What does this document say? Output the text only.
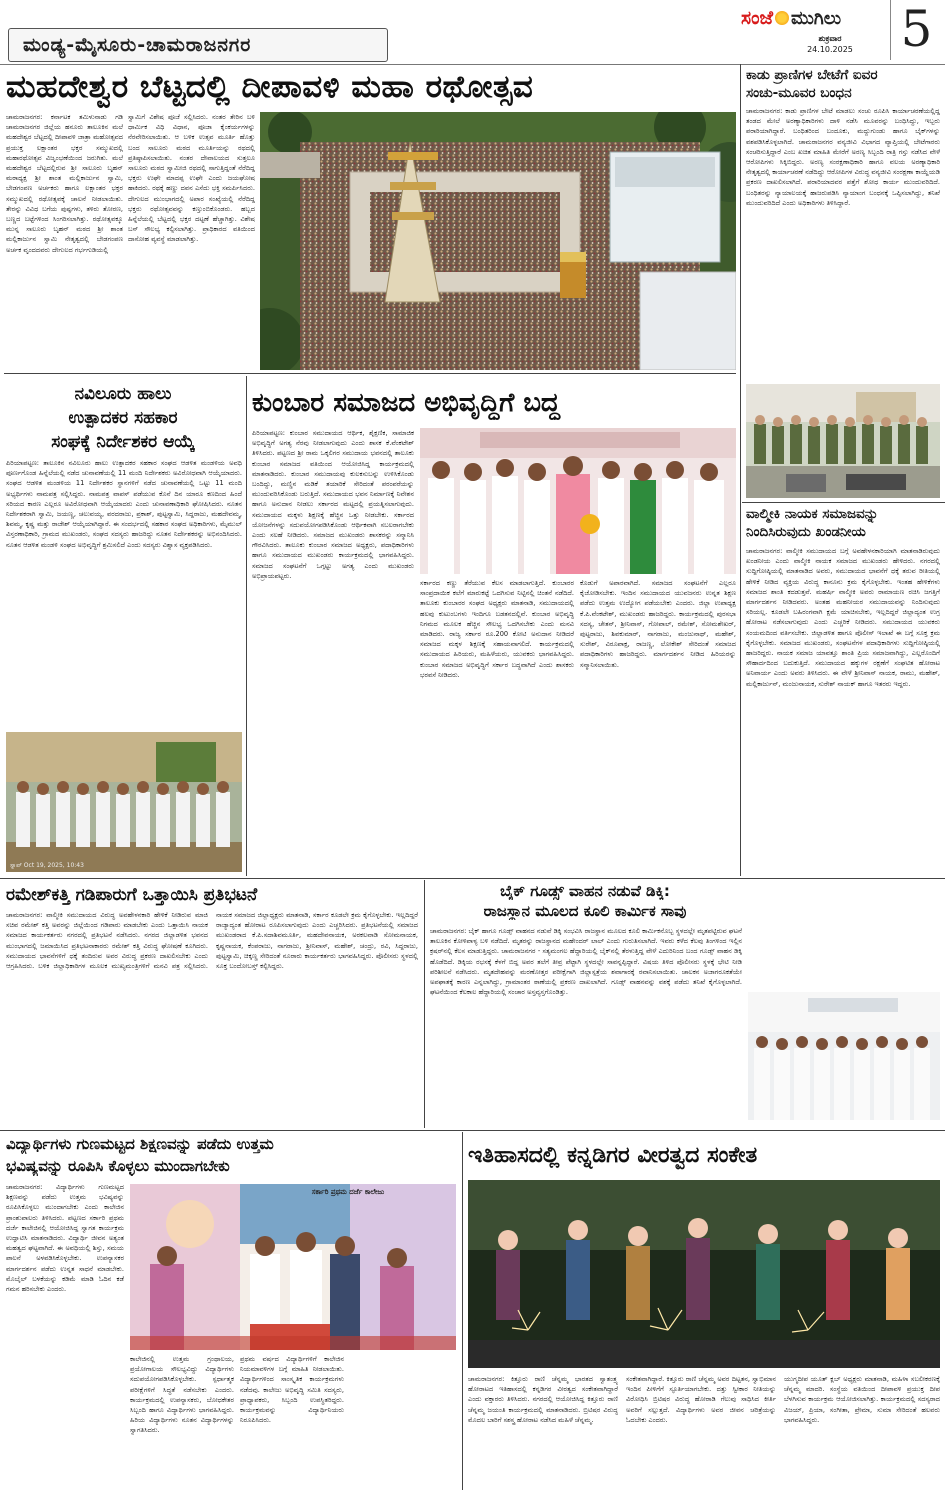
ಮಂಡ್ಯ-ಮೈಸೂರು-ಚಾಮರಾಜನಗರ
ಸಂಜೆ ಮುಗಿಲು
ಶುಕ್ರವಾರ
24.10.2025 5
ಮಹದೇಶ್ವರ ಬೆಟ್ಟದಲ್ಲಿ ದೀಪಾವಳಿ ಮಹಾ ರಥೋತ್ಸವ
ಚಾಮರಾಜನಗರ: ಕರ್ನಾಟಕ ತಮಿಳುನಾಡು ಗಡಿ ಚಾಮರಾಜನಗರ ಜಿಲ್ಲೆಯ ಹನೂರು ತಾಲೂಕಿನ ಮಲೆ ಮಹದೇಶ್ವರ ಬೆಟ್ಟದಲ್ಲಿ ದೀಪಾವಳಿ ಜಾತ್ರಾ ಮಹೋತ್ಸವದ ಪ್ರಯುಕ್ತ ಲಕ್ಷಾಂತರ ಭಕ್ತರ ಸಮ್ಮುಖದಲ್ಲಿ ಮಹಾರಥೋತ್ಸವ ವಿಜೃಂಭಣೆಯಿಂದ ಜರುಗಿತು. ಮಲೆ ಮಹದೇಶ್ವರ ಬೆಟ್ಟದಲ್ಲಿರುವ ಶ್ರೀ ಸಾಲೂರು ಬೃಹನ್ ಮಠಾಧ್ಯಕ್ಷ ಶ್ರೀ ಶಾಂತ ಮಲ್ಲಿಕಾರ್ಜುನ ಸ್ವಾಮಿ, ಬೇಡಗಂಪಣ ಅರ್ಚಕರು ಹಾಗೂ ಲಕ್ಷಾಂತರ ಭಕ್ತರ ಸಮ್ಮುಖದಲ್ಲಿ ರಥೋತ್ಸವಕ್ಕೆ ಚಾಲನೆ ನೀಡಲಾಯಿತು. ತೇರನ್ನು ವಿವಿಧ ಬಗೆಯ ಪುಷ್ಪಗಳು, ತಳಿರು ತೋರಣ, ಬಣ್ಣದ ಬಟ್ಟೆಗಳಿಂದ ಸಿಂಗರಿಸಲಾಗಿತ್ತು. ರಥೋತ್ಸವಕ್ಕೂ ಮುನ್ನ ಸಾಲೂರು ಬೃಹನ್ ಮಠದ ಶ್ರೀ ಶಾಂತ ಮಲ್ಲಿಕಾರ್ಜುನ ಸ್ವಾಮಿ ನೇತೃತ್ವದಲ್ಲಿ ಬೇಡಗಂಪಣ ಅರ್ಚಕ ವೃಂದದವರು ದೇಗುಲದ ಗರ್ಭಗುಡಿಯಲ್ಲಿ
ಸ್ವಾಮಿಗೆ ವಿಶೇಷ ಪೂಜೆ ಸಲ್ಲಿಸಿದರು. ನಂತರ ತೇರಿನ ಬಳಿ ಧಾರ್ಮಿಕ ವಿಧಿ ವಿಧಾನ, ಪೂಜಾ ಕೈಂಕರ್ಯಗಳನ್ನು ನೆರವೇರಿಸಲಾಯಿತು. ಆ ಬಳಿಕ ಉತ್ಸವ ಮೂರ್ತಿ ಹೊತ್ತು ಬಂದ ಸಾಲೂರು ಮಠದ ಮೂರ್ತಿಯನ್ನು ರಥದಲ್ಲಿ ಪ್ರತಿಷ್ಠಾಪಿಸಲಾಯಿತು. ನಂತರ ದೇವಾಲಯದ ಸುತ್ತಲೂ ಸಾಲೂರು ಮಠದ ಸ್ವಾಮೀಜಿ ರಥದಲ್ಲಿ ಸಾಗುತ್ತಿದ್ದಂತೆ ನೆರೆದಿದ್ದ ಭಕ್ತರು ಉಘೇ ಮಾದಪ್ಪ ಉಘೇ ಎಂದು ಜಯಘೋಷ ಹಾಕಿದರು. ರಥಕ್ಕೆ ಹಣ್ಣು ದವನ ಎಸೆದು ಭಕ್ತಿ ಸಮರ್ಪಿಸಿದರು. ದೇಗುಲದ ಮುಂಭಾಗದಲ್ಲಿ ಅಪಾರ ಸಂಖ್ಯೆಯಲ್ಲಿ ನೆರೆದಿದ್ದ ಭಕ್ತರು ರಥೋತ್ಸವವನ್ನು ಕಣ್ತುಂಬಿಕೊಂಡರು. ಹಬ್ಬದ ಹಿನ್ನೆಲೆಯಲ್ಲಿ ಬೆಟ್ಟದಲ್ಲಿ ಭಕ್ತರ ದಟ್ಟಣೆ ಹೆಚ್ಚಾಗಿತ್ತು. ವಿಶೇಷ ಬಸ್ ಸೌಲಭ್ಯ ಕಲ್ಪಿಸಲಾಗಿತ್ತು. ಪ್ರಾಧಿಕಾರದ ವತಿಯಿಂದ ದಾಸೋಹ ವ್ಯವಸ್ಥೆ ಮಾಡಲಾಗಿತ್ತು.
ಕಾಡು ಪ್ರಾಣಿಗಳ ಬೇಟೆಗೆ ಐವರ
ಸಂಚು-ಮೂವರ ಬಂಧನ
ಚಾಮರಾಜನಗರ: ಕಾಡು ಪ್ರಾಣಿಗಳ ಬೇಟೆ ಮಾಡಲು ಸಂಚು ರೂಪಿಸಿ ಕಾರ್ಯಾಚರಣೆಯಲ್ಲಿದ್ದ ತಂಡದ ಮೇಲೆ ಅರಣ್ಯಾಧಿಕಾರಿಗಳು ದಾಳಿ ನಡೆಸಿ ಮೂವರನ್ನು ಬಂಧಿಸಿದ್ದು, ಇಬ್ಬರು ಪರಾರಿಯಾಗಿದ್ದಾರೆ. ಬಂಧಿತರಿಂದ ಬಂದೂಕು, ಮದ್ದುಗುಂಡು ಹಾಗೂ ಬೈಕ್‌ಗಳನ್ನು ವಶಪಡಿಸಿಕೊಳ್ಳಲಾಗಿದೆ. ಚಾಮರಾಜನಗರ ವನ್ಯಜೀವಿ ವಿಭಾಗದ ವ್ಯಾಪ್ತಿಯಲ್ಲಿ ಬೇಟೆಗಾರರು ಸಂಚರಿಸುತ್ತಿದ್ದಾರೆ ಎಂಬ ಖಚಿತ ಮಾಹಿತಿ ಮೇರೆಗೆ ಅರಣ್ಯ ಸಿಬ್ಬಂದಿ ರಾತ್ರಿ ಗಸ್ತು ನಡೆಸಿದ ವೇಳೆ ಆರೋಪಿಗಳು ಸಿಕ್ಕಿಬಿದ್ದರು. ಅರಣ್ಯ ಸಂರಕ್ಷಣಾಧಿಕಾರಿ ಹಾಗೂ ವಲಯ ಅರಣ್ಯಾಧಿಕಾರಿ ನೇತೃತ್ವದಲ್ಲಿ ಕಾರ್ಯಾಚರಣೆ ನಡೆದಿದ್ದು ಆರೋಪಿಗಳ ವಿರುದ್ಧ ವನ್ಯಜೀವಿ ಸಂರಕ್ಷಣಾ ಕಾಯ್ದೆಯಡಿ ಪ್ರಕರಣ ದಾಖಲಿಸಲಾಗಿದೆ. ಪರಾರಿಯಾದವರ ಪತ್ತೆಗೆ ಶೋಧ ಕಾರ್ಯ ಮುಂದುವರಿದಿದೆ. ಬಂಧಿತರನ್ನು ನ್ಯಾಯಾಲಯಕ್ಕೆ ಹಾಜರುಪಡಿಸಿ ನ್ಯಾಯಾಂಗ ಬಂಧನಕ್ಕೆ ಒಪ್ಪಿಸಲಾಗಿದ್ದು, ತನಿಖೆ ಮುಂದುವರಿದಿದೆ ಎಂದು ಅಧಿಕಾರಿಗಳು ತಿಳಿಸಿದ್ದಾರೆ.
ವಾಲ್ಮೀಕಿ ನಾಯಕ ಸಮಾಜವನ್ನು
ನಿಂದಿಸಿರುವುದು ಖಂಡನೀಯ
ಚಾಮರಾಜನಗರ: ವಾಲ್ಮೀಕಿ ಸಮುದಾಯದ ಬಗ್ಗೆ ಅವಹೇಳನಕಾರಿಯಾಗಿ ಮಾತನಾಡಿರುವುದು ಖಂಡನೀಯ ಎಂದು ವಾಲ್ಮೀಕಿ ನಾಯಕ ಸಮಾಜದ ಮುಖಂಡರು ಹೇಳಿದರು. ನಗರದಲ್ಲಿ ಸುದ್ದಿಗೋಷ್ಠಿಯಲ್ಲಿ ಮಾತನಾಡಿದ ಅವರು, ಸಮುದಾಯದ ಭಾವನೆಗೆ ಧಕ್ಕೆ ತರುವ ರೀತಿಯಲ್ಲಿ ಹೇಳಿಕೆ ನೀಡಿದ ವ್ಯಕ್ತಿಯ ವಿರುದ್ಧ ಕಾನೂನು ಕ್ರಮ ಕೈಗೊಳ್ಳಬೇಕು. ಇಂತಹ ಹೇಳಿಕೆಗಳು ಸಮಾಜದ ಶಾಂತಿ ಕದಡುತ್ತವೆ. ಮಹರ್ಷಿ ವಾಲ್ಮೀಕಿ ಅವರು ರಾಮಾಯಣ ರಚಿಸಿ ಜಗತ್ತಿಗೆ ಮಾರ್ಗದರ್ಶನ ನೀಡಿದವರು. ಅಂತಹ ಮಹನೀಯರ ಸಮುದಾಯವನ್ನು ನಿಂದಿಸುವುದು ಸರಿಯಲ್ಲ. ಕೂಡಲೇ ಬಹಿರಂಗವಾಗಿ ಕ್ಷಮೆ ಯಾಚಿಸಬೇಕು, ಇಲ್ಲದಿದ್ದರೆ ಜಿಲ್ಲಾದ್ಯಂತ ಉಗ್ರ ಹೋರಾಟ ನಡೆಸಲಾಗುವುದು ಎಂದು ಎಚ್ಚರಿಕೆ ನೀಡಿದರು. ಸಮುದಾಯದ ಯುವಕರು ಸಂಯಮದಿಂದ ವರ್ತಿಸಬೇಕು. ಜಿಲ್ಲಾಡಳಿತ ಹಾಗೂ ಪೊಲೀಸ್ ಇಲಾಖೆ ಈ ಬಗ್ಗೆ ಸೂಕ್ತ ಕ್ರಮ ಕೈಗೊಳ್ಳಬೇಕು. ಸಮಾಜದ ಮುಖಂಡರು, ಸಂಘಟನೆಗಳ ಪದಾಧಿಕಾರಿಗಳು ಸುದ್ದಿಗೋಷ್ಠಿಯಲ್ಲಿ ಹಾಜರಿದ್ದರು. ನಾಯಕ ಸಮಾಜ ಯಾವತ್ತೂ ಶಾಂತಿ ಪ್ರಿಯ ಸಮಾಜವಾಗಿದ್ದು, ಎಲ್ಲರೊಂದಿಗೆ ಸೌಹಾರ್ದದಿಂದ ಬದುಕುತ್ತಿದೆ. ಸಮುದಾಯದ ಹಕ್ಕುಗಳ ರಕ್ಷಣೆಗೆ ಸಂಘಟಿತ ಹೋರಾಟ ಅನಿವಾರ್ಯ ಎಂದು ಅವರು ತಿಳಿಸಿದರು. ಈ ವೇಳೆ ಶ್ರೀನಿವಾಸ್ ನಾಯಕ, ರಾಮು, ಮಹೇಶ್, ಮಲ್ಲಿಕಾರ್ಜುನ್, ಮಂಜುನಾಯಕ, ಸುರೇಶ್ ನಾಯಕ್ ಹಾಗೂ ಇತರರು ಇದ್ದರು.
ನವಿಲೂರು ಹಾಲು
ಉತ್ಪಾದಕರ ಸಹಕಾರ
ಸಂಘಕ್ಕೆ ನಿರ್ದೇಶಕರ ಆಯ್ಕೆ
ಪಿರಿಯಾಪಟ್ಟಣ: ತಾಲೂಕಿನ ನವಿಲೂರು ಹಾಲು ಉತ್ಪಾದಕರ ಸಹಕಾರ ಸಂಘದ ಆಡಳಿತ ಮಂಡಳಿಯ ಅವಧಿ ಪೂರ್ಣಗೊಂಡ ಹಿನ್ನೆಲೆಯಲ್ಲಿ ನಡೆದ ಚುನಾವಣೆಯಲ್ಲಿ 11 ಮಂದಿ ನಿರ್ದೇಶಕರು ಅವಿರೋಧವಾಗಿ ಆಯ್ಕೆಯಾದರು. ಸಂಘದ ಆಡಳಿತ ಮಂಡಳಿಯ 11 ನಿರ್ದೇಶಕರ ಸ್ಥಾನಗಳಿಗೆ ನಡೆದ ಚುನಾವಣೆಯಲ್ಲಿ ಒಟ್ಟು 11 ಮಂದಿ ಅಭ್ಯರ್ಥಿಗಳು ನಾಮಪತ್ರ ಸಲ್ಲಿಸಿದ್ದರು. ನಾಮಪತ್ರ ವಾಪಸ್ ಪಡೆಯುವ ಕೊನೆ ದಿನ ಯಾರೂ ಕಣದಿಂದ ಹಿಂದೆ ಸರಿಯದ ಕಾರಣ ಎಲ್ಲರೂ ಅವಿರೋಧವಾಗಿ ಆಯ್ಕೆಯಾದರು ಎಂದು ಚುನಾವಣಾಧಿಕಾರಿ ಘೋಷಿಸಿದರು. ನೂತನ ನಿರ್ದೇಶಕರಾಗಿ ಸ್ವಾಮಿ, ಜಯಣ್ಣ, ಚಲುವಯ್ಯ, ವರದರಾಜು, ಪ್ರಕಾಶ್, ಪುಟ್ಟಸ್ವಾಮಿ, ಸಿದ್ದರಾಜು, ಮಹದೇವಮ್ಮ, ಶಿವಮ್ಮ, ಕೃಷ್ಣ ಮತ್ತು ರಾಜೇಶ್ ಆಯ್ಕೆಯಾಗಿದ್ದಾರೆ. ಈ ಸಂದರ್ಭದಲ್ಲಿ ಸಹಕಾರ ಸಂಘದ ಅಧಿಕಾರಿಗಳು, ಮೈಮುಲ್ ವಿಸ್ತರಣಾಧಿಕಾರಿ, ಗ್ರಾಮದ ಮುಖಂಡರು, ಸಂಘದ ಸದಸ್ಯರು ಹಾಜರಿದ್ದು ನೂತನ ನಿರ್ದೇಶಕರನ್ನು ಅಭಿನಂದಿಸಿದರು. ನೂತನ ಆಡಳಿತ ಮಂಡಳಿ ಸಂಘದ ಅಭಿವೃದ್ಧಿಗೆ ಶ್ರಮಿಸಲಿದೆ ಎಂದು ಸದಸ್ಯರು ವಿಶ್ವಾಸ ವ್ಯಕ್ತಪಡಿಸಿದರು.
ಸ್ನಾಪ್ Oct 19, 2025, 10:43
ಕುಂಬಾರ ಸಮಾಜದ ಅಭಿವೃದ್ಧಿಗೆ ಬದ್ಧ
ಪಿರಿಯಾಪಟ್ಟಣ: ಕುಂಬಾರ ಸಮುದಾಯದ ಆರ್ಥಿಕ, ಶೈಕ್ಷಣಿಕ, ಸಾಮಾಜಿಕ ಅಭಿವೃದ್ಧಿಗೆ ಅಗತ್ಯ ನೆರವು ನೀಡಲಾಗುವುದು ಎಂದು ಶಾಸಕ ಕೆ.ವೆಂಕಟೇಶ್ ತಿಳಿಸಿದರು. ಪಟ್ಟಣದ ಶ್ರೀ ರಾಮ ಒಕ್ಕಲಿಗರ ಸಮುದಾಯ ಭವನದಲ್ಲಿ ತಾಲೂಕು ಕುಂಬಾರ ಸಮಾಜದ ವತಿಯಿಂದ ಆಯೋಜಿಸಿದ್ದ ಕಾರ್ಯಕ್ರಮದಲ್ಲಿ ಮಾತನಾಡಿದರು. ಕುಂಬಾರ ಸಮುದಾಯವು ಕುಲಕಸುಬನ್ನು ಉಳಿಸಿಕೊಂಡು ಬಂದಿದ್ದು, ಮಣ್ಣಿನ ಮಡಿಕೆ ತಯಾರಿಕೆ ಸೇರಿದಂತೆ ಪರಂಪರೆಯನ್ನು ಮುಂದುವರಿಸಿಕೊಂಡು ಬರುತ್ತಿದೆ. ಸಮುದಾಯದ ಭವನ ನಿರ್ಮಾಣಕ್ಕೆ ನಿವೇಶನ ಹಾಗೂ ಅನುದಾನ ನೀಡಲು ಸರ್ಕಾರದ ಮಟ್ಟದಲ್ಲಿ ಪ್ರಯತ್ನಿಸಲಾಗುವುದು. ಸಮುದಾಯದ ಮಕ್ಕಳು ಶಿಕ್ಷಣಕ್ಕೆ ಹೆಚ್ಚಿನ ಒತ್ತು ನೀಡಬೇಕು. ಸರ್ಕಾರದ ಯೋಜನೆಗಳನ್ನು ಸದುಪಯೋಗಪಡಿಸಿಕೊಂಡು ಆರ್ಥಿಕವಾಗಿ ಸಬಲರಾಗಬೇಕು ಎಂದು ಸಲಹೆ ನೀಡಿದರು. ಸಮಾಜದ ಮುಖಂಡರು ಶಾಸಕರನ್ನು ಸನ್ಮಾನಿಸಿ ಗೌರವಿಸಿದರು. ತಾಲೂಕು ಕುಂಬಾರ ಸಮಾಜದ ಅಧ್ಯಕ್ಷರು, ಪದಾಧಿಕಾರಿಗಳು ಹಾಗೂ ಸಮುದಾಯದ ಮುಖಂಡರು ಕಾರ್ಯಕ್ರಮದಲ್ಲಿ ಭಾಗವಹಿಸಿದ್ದರು. ಸಮಾಜದ ಸಂಘಟನೆಗೆ ಒಗ್ಗಟ್ಟು ಅಗತ್ಯ ಎಂದು ಮುಖಂಡರು ಅಭಿಪ್ರಾಯಪಟ್ಟರು.
ಸರ್ಕಾರದ ಕಣ್ಣು ತೆರೆಯುವ ಕೆಲಸ ಮಾಡಲಾಗುತ್ತಿದೆ. ಕುಂಬಾರರ ಸಾಂಪ್ರದಾಯಿಕ ಕಲೆಗೆ ಮಾರುಕಟ್ಟೆ ಒದಗಿಸುವ ನಿಟ್ಟಿನಲ್ಲಿ ಚಿಂತನೆ ನಡೆದಿದೆ. ತಾಲೂಕು ಕುಂಬಾರರ ಸಂಘದ ಅಧ್ಯಕ್ಷರು ಮಾತನಾಡಿ, ಸಮುದಾಯದಲ್ಲಿ ಹಲವು ಕುಟುಂಬಗಳು ಇಂದಿಗೂ ಬಡತನದಲ್ಲಿವೆ. ಕುಂಬಾರ ಅಭಿವೃದ್ಧಿ ನಿಗಮದ ಮೂಲಕ ಹೆಚ್ಚಿನ ಸೌಲಭ್ಯ ಒದಗಿಸಬೇಕು ಎಂದು ಮನವಿ ಮಾಡಿದರು. ರಾಜ್ಯ ಸರ್ಕಾರ ರೂ.200 ಕೋಟಿ ಅನುದಾನ ನೀಡಿದರೆ ಸಮಾಜದ ಮಕ್ಕಳ ಶಿಕ್ಷಣಕ್ಕೆ ಸಹಾಯವಾಗಲಿದೆ. ಕಾರ್ಯಕ್ರಮದಲ್ಲಿ ಸಮುದಾಯದ ಹಿರಿಯರು, ಮಹಿಳೆಯರು, ಯುವಕರು ಭಾಗವಹಿಸಿದ್ದರು. ಕುಂಬಾರ ಸಮಾಜದ ಅಭಿವೃದ್ಧಿಗೆ ಸರ್ಕಾರ ಬದ್ಧವಾಗಿದೆ ಎಂದು ಶಾಸಕರು ಭರವಸೆ ನೀಡಿದರು.
ಕೊಡುಗೆ ಅಪಾರವಾಗಿದೆ. ಸಮಾಜದ ಸಂಘಟನೆಗೆ ಎಲ್ಲರೂ ಕೈಜೋಡಿಸಬೇಕು. ಇಂದಿನ ಸಮುದಾಯದ ಯುವಜನರು ಉನ್ನತ ಶಿಕ್ಷಣ ಪಡೆದು ಉತ್ತಮ ಉದ್ಯೋಗ ಪಡೆಯಬೇಕು ಎಂದರು. ಜಿಲ್ಲಾ ಉಪಾಧ್ಯಕ್ಷ ಕೆ.ಪಿ.ವೆಂಕಟೇಶ್, ಮುಖಂಡರು ಹಾಜರಿದ್ದರು. ಕಾರ್ಯಕ್ರಮದಲ್ಲಿ ಪುರಸಭಾ ಸದಸ್ಯ, ಚೇತನ್, ಶ್ರೀನಿವಾಸ್, ಗೋಪಾಲ್, ರಮೇಶ್, ಸೋಮಶೇಖರ್, ಪುಟ್ಟರಾಜು, ಶಿವಕುಮಾರ್, ನಾಗರಾಜು, ಮಂಜುನಾಥ್, ಮಹೇಶ್, ಸುರೇಶ್, ವಿರೂಪಾಕ್ಷ, ರಾಜಣ್ಣ, ಲೋಕೇಶ್ ಸೇರಿದಂತೆ ಸಮಾಜದ ಪದಾಧಿಕಾರಿಗಳು ಹಾಜರಿದ್ದರು. ಮಾರ್ಗದರ್ಶನ ನೀಡಿದ ಹಿರಿಯರನ್ನು ಸನ್ಮಾನಿಸಲಾಯಿತು.
ರಮೇಶ್‌ಕತ್ತಿ ಗಡಿಪಾರುಗೆ ಒತ್ತಾಯಿಸಿ ಪ್ರತಿಭಟನೆ
ಚಾಮರಾಜನಗರ: ವಾಲ್ಮೀಕಿ ಸಮುದಾಯದ ವಿರುದ್ಧ ಅವಹೇಳನಕಾರಿ ಹೇಳಿಕೆ ನೀಡಿರುವ ಮಾಜಿ ಸಚಿವ ರಮೇಶ್ ಕತ್ತಿ ಅವರನ್ನು ಜಿಲ್ಲೆಯಿಂದ ಗಡಿಪಾರು ಮಾಡಬೇಕು ಎಂದು ಒತ್ತಾಯಿಸಿ ನಾಯಕ ಸಮಾಜದ ಕಾರ್ಯಕರ್ತರು ನಗರದಲ್ಲಿ ಪ್ರತಿಭಟನೆ ನಡೆಸಿದರು. ನಗರದ ಜಿಲ್ಲಾಡಳಿತ ಭವನದ ಮುಂಭಾಗದಲ್ಲಿ ಜಮಾಯಿಸಿದ ಪ್ರತಿಭಟನಾಕಾರರು ರಮೇಶ್ ಕತ್ತಿ ವಿರುದ್ಧ ಘೋಷಣೆ ಕೂಗಿದರು. ಸಮುದಾಯದ ಭಾವನೆಗಳಿಗೆ ಧಕ್ಕೆ ತಂದಿರುವ ಅವರ ವಿರುದ್ಧ ಪ್ರಕರಣ ದಾಖಲಿಸಬೇಕು ಎಂದು ಆಗ್ರಹಿಸಿದರು. ಬಳಿಕ ಜಿಲ್ಲಾಧಿಕಾರಿಗಳ ಮೂಲಕ ಮುಖ್ಯಮಂತ್ರಿಗಳಿಗೆ ಮನವಿ ಪತ್ರ ಸಲ್ಲಿಸಿದರು. ನಾಯಕ ಸಮಾಜದ ಜಿಲ್ಲಾಧ್ಯಕ್ಷರು ಮಾತನಾಡಿ, ಸರ್ಕಾರ ಕೂಡಲೇ ಕ್ರಮ ಕೈಗೊಳ್ಳಬೇಕು. ಇಲ್ಲದಿದ್ದರೆ ರಾಜ್ಯಾದ್ಯಂತ ಹೋರಾಟ ರೂಪಿಸಲಾಗುವುದು ಎಂದು ಎಚ್ಚರಿಸಿದರು. ಪ್ರತಿಭಟನೆಯಲ್ಲಿ ಸಮಾಜದ ಮುಖಂಡರಾದ ಕೆ.ಪಿ.ಸದಾಶಿವಮೂರ್ತಿ, ಮಹದೇವನಾಯಕ, ಅರಕಲವಾಡಿ ಸೋಮನಾಯಕ, ಕೃಷ್ಣನಾಯಕ, ಕೆಂಪರಾಜು, ನಾಗರಾಜು, ಶ್ರೀನಿವಾಸ್, ಮಹೇಶ್, ಚಂದ್ರು, ರವಿ, ಸಿದ್ದರಾಜು, ಪುಟ್ಟಸ್ವಾಮಿ, ಚಿಕ್ಕಣ್ಣ ಸೇರಿದಂತೆ ನೂರಾರು ಕಾರ್ಯಕರ್ತರು ಭಾಗವಹಿಸಿದ್ದರು. ಪೊಲೀಸರು ಸ್ಥಳದಲ್ಲಿ ಸೂಕ್ತ ಬಂದೋಬಸ್ತ್ ಕಲ್ಪಿಸಿದ್ದರು.
ಬೈಕ್ ಗೂಡ್ಸ್ ವಾಹನ ನಡುವೆ ಡಿಕ್ಕಿ:
ರಾಜಸ್ಥಾನ ಮೂಲದ ಕೂಲಿ ಕಾರ್ಮಿಕ ಸಾವು
ಚಾಮರಾಜನಗರ: ಬೈಕ್ ಹಾಗೂ ಗೂಡ್ಸ್ ವಾಹನದ ನಡುವೆ ಡಿಕ್ಕಿ ಸಂಭವಿಸಿ ರಾಜಸ್ಥಾನ ಮೂಲದ ಕೂಲಿ ಕಾರ್ಮಿಕನೊಬ್ಬ ಸ್ಥಳದಲ್ಲೇ ಮೃತಪಟ್ಟಿರುವ ಘಟನೆ ತಾಲೂಕಿನ ಕೋಳಿಪಾಳ್ಯ ಬಳಿ ನಡೆದಿದೆ. ಮೃತರನ್ನು ರಾಜಸ್ಥಾನದ ಮಹೇಂದರ್ ಲಾಲ್ ಎಂದು ಗುರುತಿಸಲಾಗಿದೆ. ಇವರು ಕಳೆದ ಕೆಲವು ತಿಂಗಳಿಂದ ಇಲ್ಲಿನ ಕ್ರಷರ್‌ನಲ್ಲಿ ಕೆಲಸ ಮಾಡುತ್ತಿದ್ದರು. ಚಾಮರಾಜನಗರ - ಸತ್ಯಮಂಗಲ ಹೆದ್ದಾರಿಯಲ್ಲಿ ಬೈಕ್‌ನಲ್ಲಿ ತೆರಳುತ್ತಿದ್ದ ವೇಳೆ ಎದುರಿನಿಂದ ಬಂದ ಗೂಡ್ಸ್ ವಾಹನ ಡಿಕ್ಕಿ ಹೊಡೆದಿದೆ. ಡಿಕ್ಕಿಯ ರಭಸಕ್ಕೆ ಕೆಳಗೆ ಬಿದ್ದ ಅವರ ತಲೆಗೆ ತೀವ್ರ ಪೆಟ್ಟಾಗಿ ಸ್ಥಳದಲ್ಲೇ ಸಾವನ್ನಪ್ಪಿದ್ದಾರೆ. ವಿಷಯ ತಿಳಿದ ಪೊಲೀಸರು ಸ್ಥಳಕ್ಕೆ ಭೇಟಿ ನೀಡಿ ಪರಿಶೀಲನೆ ನಡೆಸಿದರು. ಮೃತದೇಹವನ್ನು ಮರಣೋತ್ತರ ಪರೀಕ್ಷೆಗಾಗಿ ಜಿಲ್ಲಾಸ್ಪತ್ರೆಯ ಶವಾಗಾರಕ್ಕೆ ರವಾನಿಸಲಾಯಿತು. ಚಾಲಕನ ಅಜಾಗರೂಕತೆಯೇ ಅಪಘಾತಕ್ಕೆ ಕಾರಣ ಎನ್ನಲಾಗಿದ್ದು, ಗ್ರಾಮಾಂತರ ಠಾಣೆಯಲ್ಲಿ ಪ್ರಕರಣ ದಾಖಲಾಗಿದೆ. ಗೂಡ್ಸ್ ವಾಹನವನ್ನು ವಶಕ್ಕೆ ಪಡೆದು ತನಿಖೆ ಕೈಗೊಳ್ಳಲಾಗಿದೆ. ಘಟನೆಯಿಂದ ಕೆಲಕಾಲ ಹೆದ್ದಾರಿಯಲ್ಲಿ ಸಂಚಾರ ಅಸ್ತವ್ಯಸ್ತಗೊಂಡಿತ್ತು.
ವಿದ್ಯಾರ್ಥಿಗಳು ಗುಣಮಟ್ಟದ ಶಿಕ್ಷಣವನ್ನು ಪಡೆದು ಉತ್ತಮ
ಭವಿಷ್ಯವನ್ನು ರೂಪಿಸಿ ಕೊಳ್ಳಲು ಮುಂದಾಗಬೇಕು
ಚಾಮರಾಜನಗರ: ವಿದ್ಯಾರ್ಥಿಗಳು ಗುಣಮಟ್ಟದ ಶಿಕ್ಷಣವನ್ನು ಪಡೆದು ಉತ್ತಮ ಭವಿಷ್ಯವನ್ನು ರೂಪಿಸಿಕೊಳ್ಳಲು ಮುಂದಾಗಬೇಕು ಎಂದು ಕಾಲೇಜಿನ ಪ್ರಾಂಶುಪಾಲರು ತಿಳಿಸಿದರು. ಪಟ್ಟಣದ ಸರ್ಕಾರಿ ಪ್ರಥಮ ದರ್ಜೆ ಕಾಲೇಜಿನಲ್ಲಿ ಆಯೋಜಿಸಿದ್ದ ಸ್ವಾಗತ ಕಾರ್ಯಕ್ರಮ ಉದ್ಘಾಟಿಸಿ ಮಾತನಾಡಿದರು. ವಿದ್ಯಾರ್ಥಿ ಜೀವನ ಅತ್ಯಂತ ಮಹತ್ವದ ಘಟ್ಟವಾಗಿದೆ. ಈ ಅವಧಿಯಲ್ಲಿ ಶಿಸ್ತು, ಸಮಯ ಪಾಲನೆ ಅಳವಡಿಸಿಕೊಳ್ಳಬೇಕು. ಉಪನ್ಯಾಸಕರ ಮಾರ್ಗದರ್ಶನ ಪಡೆದು ಉನ್ನತ ಸಾಧನೆ ಮಾಡಬೇಕು. ಮೊಬೈಲ್ ಬಳಕೆಯನ್ನು ಕಡಿಮೆ ಮಾಡಿ ಓದಿನ ಕಡೆ ಗಮನ ಹರಿಸಬೇಕು ಎಂದರು.
ಸರ್ಕಾರಿ ಪ್ರಥಮ ದರ್ಜೆ ಕಾಲೇಜು
ಕಾಲೇಜಿನಲ್ಲಿ ಉತ್ತಮ ಗ್ರಂಥಾಲಯ, ಪ್ರಯೋಗಾಲಯ ಸೌಲಭ್ಯವಿದ್ದು ವಿದ್ಯಾರ್ಥಿಗಳು ಸದುಪಯೋಗಪಡಿಸಿಕೊಳ್ಳಬೇಕು. ಸ್ಪರ್ಧಾತ್ಮಕ ಪರೀಕ್ಷೆಗಳಿಗೆ ಸಿದ್ಧತೆ ನಡೆಸಬೇಕು ಎಂದರು. ಕಾರ್ಯಕ್ರಮದಲ್ಲಿ ಉಪನ್ಯಾಸಕರು, ಬೋಧಕೇತರ ಸಿಬ್ಬಂದಿ ಹಾಗೂ ವಿದ್ಯಾರ್ಥಿಗಳು ಭಾಗವಹಿಸಿದ್ದರು. ಹಿರಿಯ ವಿದ್ಯಾರ್ಥಿಗಳು ನೂತನ ವಿದ್ಯಾರ್ಥಿಗಳನ್ನು ಸ್ವಾಗತಿಸಿದರು.
ಪ್ರಥಮ ವರ್ಷದ ವಿದ್ಯಾರ್ಥಿಗಳಿಗೆ ಕಾಲೇಜಿನ ನಿಯಮಾವಳಿಗಳ ಬಗ್ಗೆ ಮಾಹಿತಿ ನೀಡಲಾಯಿತು. ವಿದ್ಯಾರ್ಥಿಗಳಿಂದ ಸಾಂಸ್ಕೃತಿಕ ಕಾರ್ಯಕ್ರಮಗಳು ನಡೆದವು. ಕಾಲೇಜು ಅಭಿವೃದ್ಧಿ ಸಮಿತಿ ಸದಸ್ಯರು, ಪ್ರಾಧ್ಯಾಪಕರು, ಸಿಬ್ಬಂದಿ ಉಪಸ್ಥಿತರಿದ್ದರು. ಕಾರ್ಯಕ್ರಮವನ್ನು ವಿದ್ಯಾರ್ಥಿನಿಯರು ನಿರೂಪಿಸಿದರು.
ಇತಿಹಾಸದಲ್ಲಿ ಕನ್ನಡಿಗರ ವೀರತ್ವದ ಸಂಕೇತ
ಚಾಮರಾಜನಗರ: ಕಿತ್ತೂರು ರಾಣಿ ಚೆನ್ನಮ್ಮ ಭಾರತದ ಸ್ವಾತಂತ್ರ್ಯ ಹೋರಾಟದ ಇತಿಹಾಸದಲ್ಲಿ ಕನ್ನಡಿಗರ ವೀರತ್ವದ ಸಂಕೇತವಾಗಿದ್ದಾರೆ ಎಂದು ವಕ್ತಾರರು ತಿಳಿಸಿದರು. ನಗರದಲ್ಲಿ ಆಯೋಜಿಸಿದ್ದ ಕಿತ್ತೂರು ರಾಣಿ ಚೆನ್ನಮ್ಮ ಜಯಂತಿ ಕಾರ್ಯಕ್ರಮದಲ್ಲಿ ಮಾತನಾಡಿದರು. ಬ್ರಿಟಿಷರ ವಿರುದ್ಧ ಮೊದಲ ಬಾರಿಗೆ ಸಶಸ್ತ್ರ ಹೋರಾಟ ನಡೆಸಿದ ಮಹಿಳೆ ಚೆನ್ನಮ್ಮ.
ಸಂಕೇತವಾಗಿದ್ದಾರೆ. ಕಿತ್ತೂರು ರಾಣಿ ಚೆನ್ನಮ್ಮ ಅವರ ದಿಟ್ಟತನ, ಸ್ವಾಭಿಮಾನ ಇಂದಿನ ಪೀಳಿಗೆಗೆ ಸ್ಫೂರ್ತಿಯಾಗಬೇಕು. ದತ್ತು ಸ್ವೀಕಾರ ನೀತಿಯನ್ನು ವಿರೋಧಿಸಿ ಬ್ರಿಟಿಷರ ವಿರುದ್ಧ ಹೋರಾಡಿ ಗೆಲುವು ಸಾಧಿಸಿದ ಕೀರ್ತಿ ಅವರಿಗೆ ಸಲ್ಲುತ್ತದೆ. ವಿದ್ಯಾರ್ಥಿಗಳು ಅವರ ಜೀವನ ಚರಿತ್ರೆಯನ್ನು ಓದಬೇಕು ಎಂದರು.
ಯುಗ್ಮದೀಪ ಯೂತ್ ಕ್ಲಬ್ ಅಧ್ಯಕ್ಷರು ಮಾತನಾಡಿ, ಮಹಿಳಾ ಸಬಲೀಕರಣಕ್ಕೆ ಚೆನ್ನಮ್ಮ ಮಾದರಿ. ಸಂಸ್ಥೆಯ ವತಿಯಿಂದ ದೀಪಾವಳಿ ಪ್ರಯುಕ್ತ ದೀಪ ಬೆಳಗಿಸುವ ಕಾರ್ಯಕ್ರಮ ಆಯೋಜಿಸಲಾಗಿತ್ತು. ಕಾರ್ಯಕ್ರಮದಲ್ಲಿ ಸದಸ್ಯರಾದ ವಿಜಯ್, ಪ್ರಿಯಾ, ಸಂಗೀತಾ, ಪ್ರೇಮಾ, ಸುಮಾ ಸೇರಿದಂತೆ ಹಲವರು ಭಾಗವಹಿಸಿದ್ದರು.
